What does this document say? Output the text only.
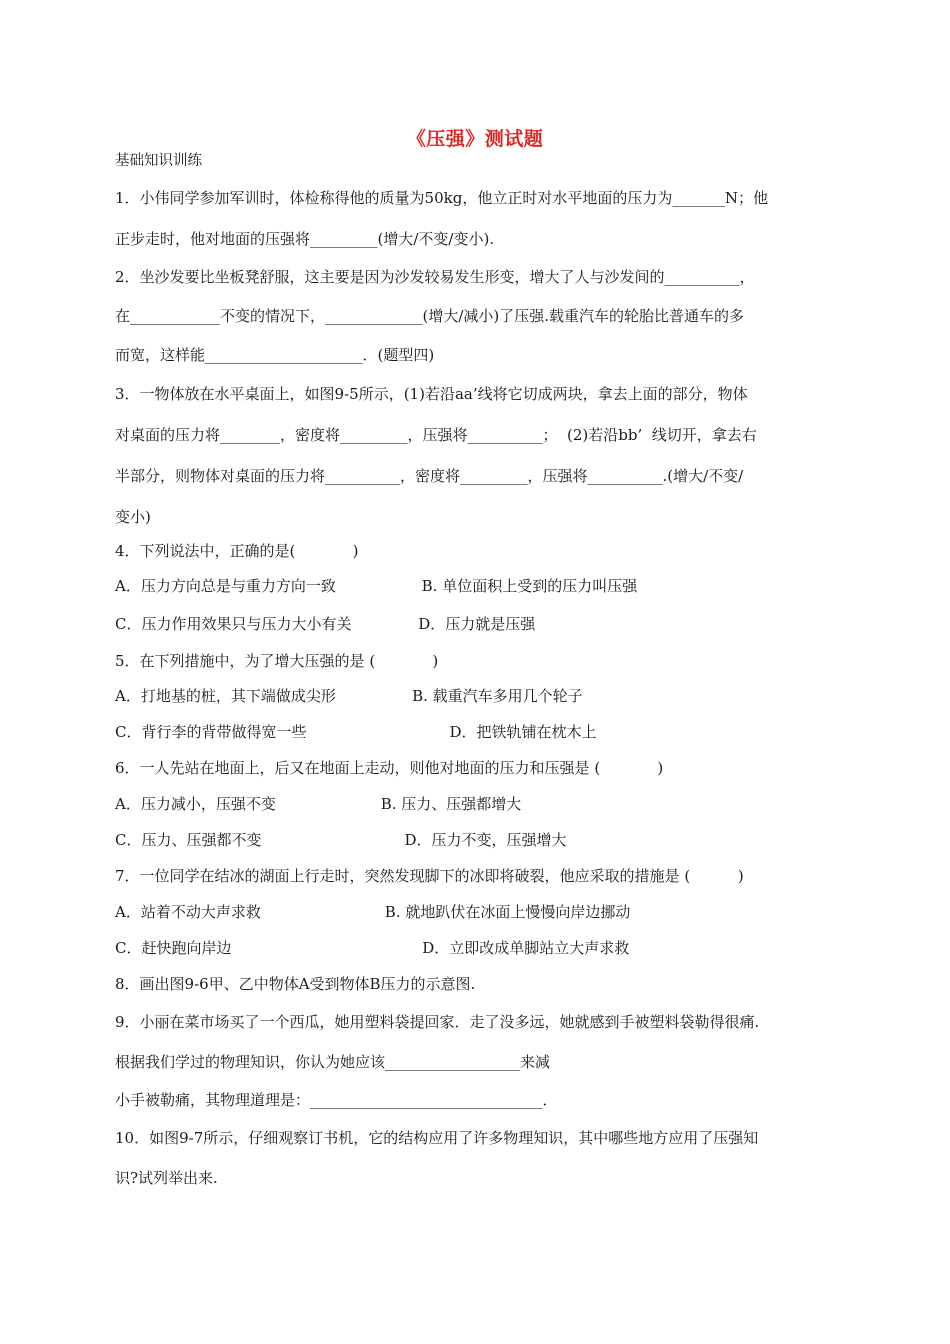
《压强》测试题
基础知识训练
1．小伟同学参加军训时，体检称得他的质量为50kg，他立正时对水平地面的压力为_______N；他
正步走时，他对地面的压强将_________(增大/不变/变小).
2．坐沙发要比坐板凳舒服，这主要是因为沙发较易发生形变，增大了人与沙发间的__________，
在____________不变的情况下，_____________(增大/减小)了压强.载重汽车的轮胎比普通车的多
而宽，这样能_____________________．(题型四)
3．一物体放在水平桌面上，如图9-5所示，(1)若沿aa’线将它切成两块，拿去上面的部分，物体
对桌面的压力将________，密度将_________，压强将__________；  (2)若沿bb’  线切开，拿去右
半部分，则物体对桌面的压力将__________，密度将_________，压强将__________.(增大/不变/
变小)
4．下列说法中，正确的是(            )
A．压力方向总是与重力方向一致                  B. 单位面积上受到的压力叫压强
C．压力作用效果只与压力大小有关              D．压力就是压强
5．在下列措施中，为了增大压强的是 (            )
A．打地基的桩，其下端做成尖形                B. 载重汽车多用几个轮子
C．背行李的背带做得宽一些                              D．把铁轨铺在枕木上
6．一人先站在地面上，后又在地面上走动，则他对地面的压力和压强是 (            )
A．压力减小，压强不变                      B. 压力、压强都增大
C．压力、压强都不变                              D．压力不变，压强增大
7．一位同学在结冰的湖面上行走时，突然发现脚下的冰即将破裂，他应采取的措施是 (          )
A．站着不动大声求救                          B. 就地趴伏在冰面上慢慢向岸边挪动
C．赶快跑向岸边                                        D．立即改成单脚站立大声求救
8．画出图9-6甲、乙中物体A受到物体B压力的示意图.
9．小丽在菜市场买了一个西瓜，她用塑料袋提回家．走了没多远，她就感到手被塑料袋勒得很痛.
根据我们学过的物理知识，你认为她应该__________________来减
小手被勒痛，其物理道理是：_______________________________．
10．如图9-7所示，仔细观察订书机，它的结构应用了许多物理知识，其中哪些地方应用了压强知
识?试列举出来.
